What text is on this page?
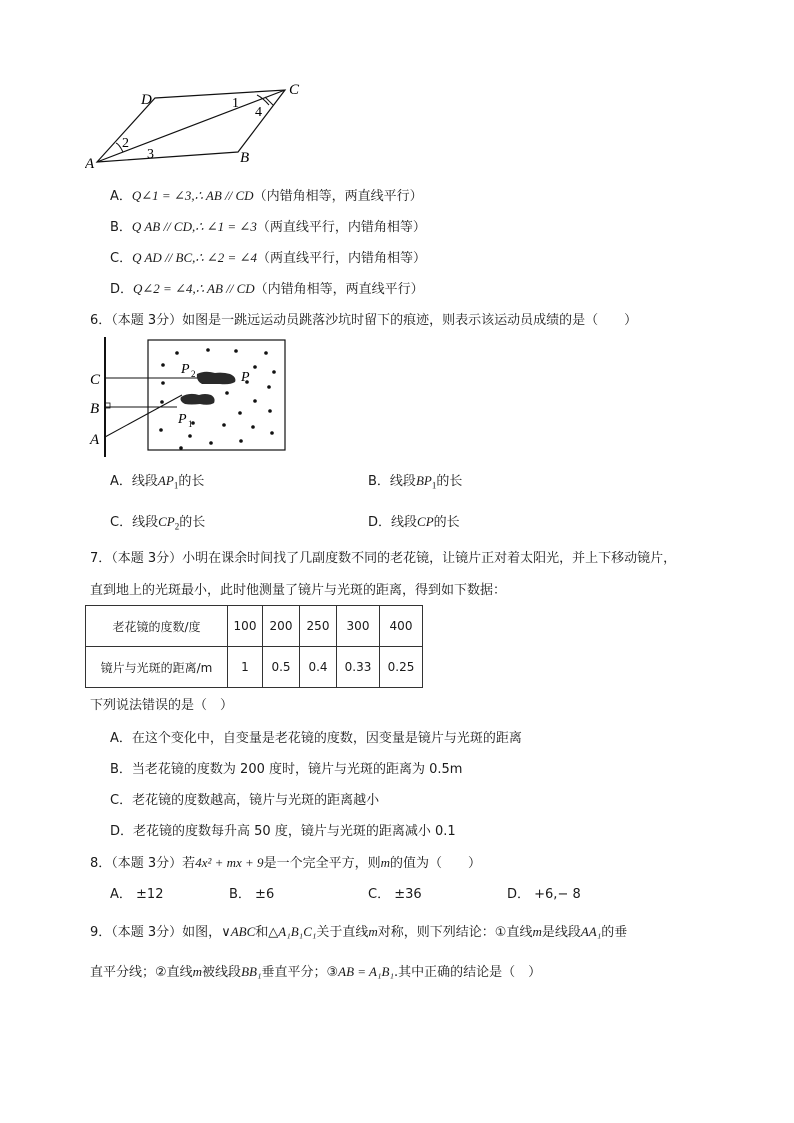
D
C
A	B
1
2
3
4
A．Q∠1 = ∠3,∴ AB // CD（内错角相等，两直线平行）
B．Q AB // CD,∴ ∠1 = ∠3（两直线平行，内错角相等）
C．Q AD // BC,∴ ∠2 = ∠4（两直线平行，内错角相等）
D．Q∠2 = ∠4,∴ AB // CD（内错角相等，两直线平行）
6．（本题 3分）如图是一跳远运动员跳落沙坑时留下的痕迹，则表示该运动员成绩的是（　　）
C
B
A
P 2	P
P 1
A．线段$AP_1$的长	B．线段$BP_1$的长
C．线段$CP_2$的长	D．线段CP的长
7．（本题 3分）小明在课余时间找了几副度数不同的老花镜，让镜片正对着太阳光，并上下移动镜片，
直到地上的光斑最小，此时他测量了镜片与光斑的距离，得到如下数据：
老花镜的度数/度	100	200	250	300	400
镜片与光斑的距离/m	1	0.5	0.4	0.33	0.25
下列说法错误的是（　）
A．在这个变化中，自变量是老花镜的度数，因变量是镜片与光斑的距离
B．当老花镜的度数为 200 度时，镜片与光斑的距离为 0.5m
C．老花镜的度数越高，镜片与光斑的距离越小
D．老花镜的度数每升高 50 度，镜片与光斑的距离减小 0.1
8．（本题 3分）若4x² + mx + 9是一个完全平方，则m的值为（　　）
A． ±12	B． ±6	C． ±36	D． +6,− 8
9．（本题 3分）如图，∨ABC和△A₁B₁C₁关于直线m对称，则下列结论：①直线m是线段AA₁的垂
直平分线；②直线m被线段BB₁垂直平分；③AB = A₁B₁.其中正确的结论是（　）
